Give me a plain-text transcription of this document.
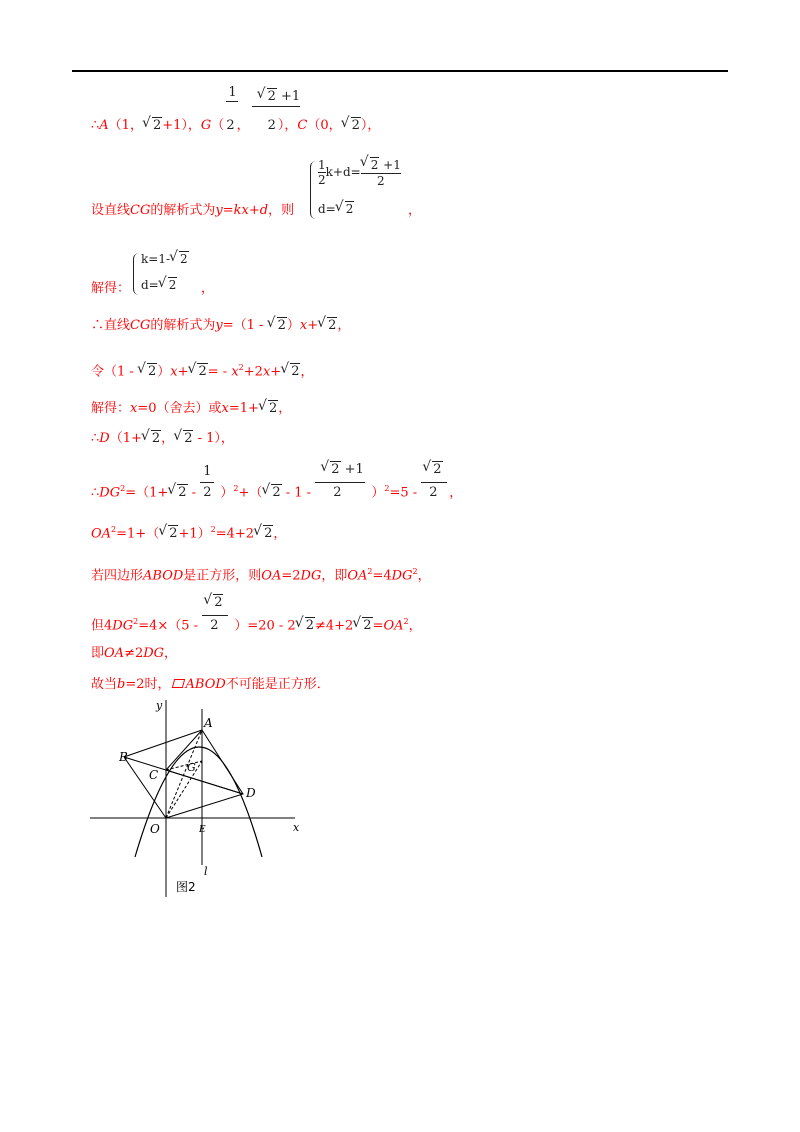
∴A（1，√ 2+1），$G( \frac{1}{2}$ ，
√ $\frac{2 +1}{2}$ ），C（0，√ 2），
设直线CG的解析式为y=kx+d，则
$\frac{1}{2} k+d=$
√ $\frac{2 +1}{2}$
d=√ 2	，
解得：
k=1-√ 2
d=√ 2 ，
∴直线CG的解析式为y=（1 - √ 2）x+√ 2，
令（1 - √ 2）x+√ $2= - x^2+2x+√$ 2，
解得：x=0（舍去）或x=1+√ 2，
∴D（1+√ 2，√ 2 - 1），
$\therefore DG^2=(1+√$ $2 - \frac{1}{2} )^2+(√$ 2 - 1 -
√ $\frac{2 +1}{2} )^2=5$ -
√ $\frac{2}{2}$，
$OA^2=1+(√$ 2+1）$^2$=4+2√ 2，
若四边形ABOD是正方形，则OA=2DG，即$OA^2=4DG^2$，
但$4DG^2=4\times(5$ -
√ $\frac{2}{2} )=20 - 2√$ 2≠4+2√ $2=OA^2$，
即OA≠2DG，
故当b=2时， ABOD不可能是正方形．
A
B
C
G
D
O	E	x
y
l
图2
